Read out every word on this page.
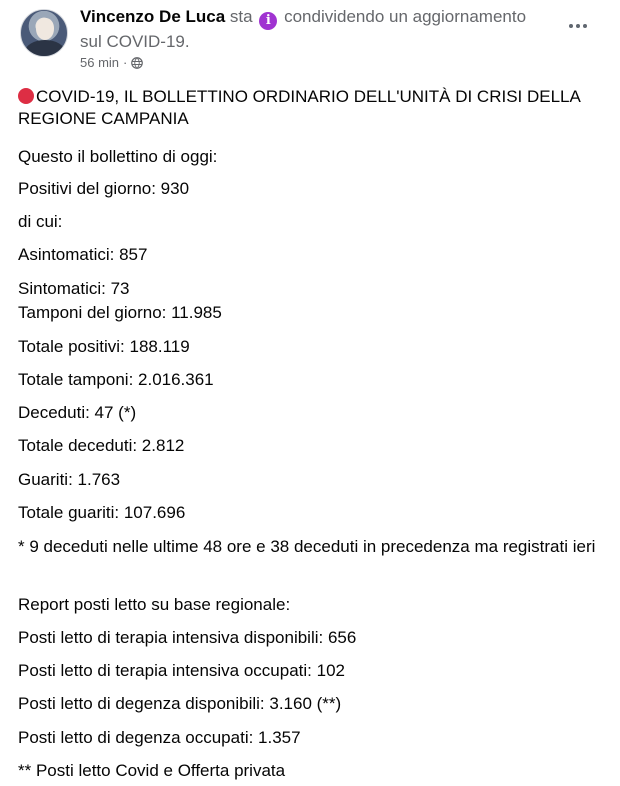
Vincenzo De Luca sta i condividendo un aggiornamento sul COVID-19.
56 min ·

COVID-19, IL BOLLETTINO ORDINARIO DELL'UNITÀ DI CRISI DELLA REGIONE CAMPANIA

Questo il bollettino di oggi:

Positivi del giorno: 930

di cui:

Asintomatici: 857

Sintomatici: 73

Tamponi del giorno: 11.985

Totale positivi: 188.119

Totale tamponi: 2.016.361

Deceduti: 47 (*)

Totale deceduti: 2.812

Guariti: 1.763

Totale guariti: 107.696

* 9 deceduti nelle ultime 48 ore e 38 deceduti in precedenza ma registrati ieri

Report posti letto su base regionale:

Posti letto di terapia intensiva disponibili: 656

Posti letto di terapia intensiva occupati: 102

Posti letto di degenza disponibili: 3.160 (**)

Posti letto di degenza occupati: 1.357

** Posti letto Covid e Offerta privata
